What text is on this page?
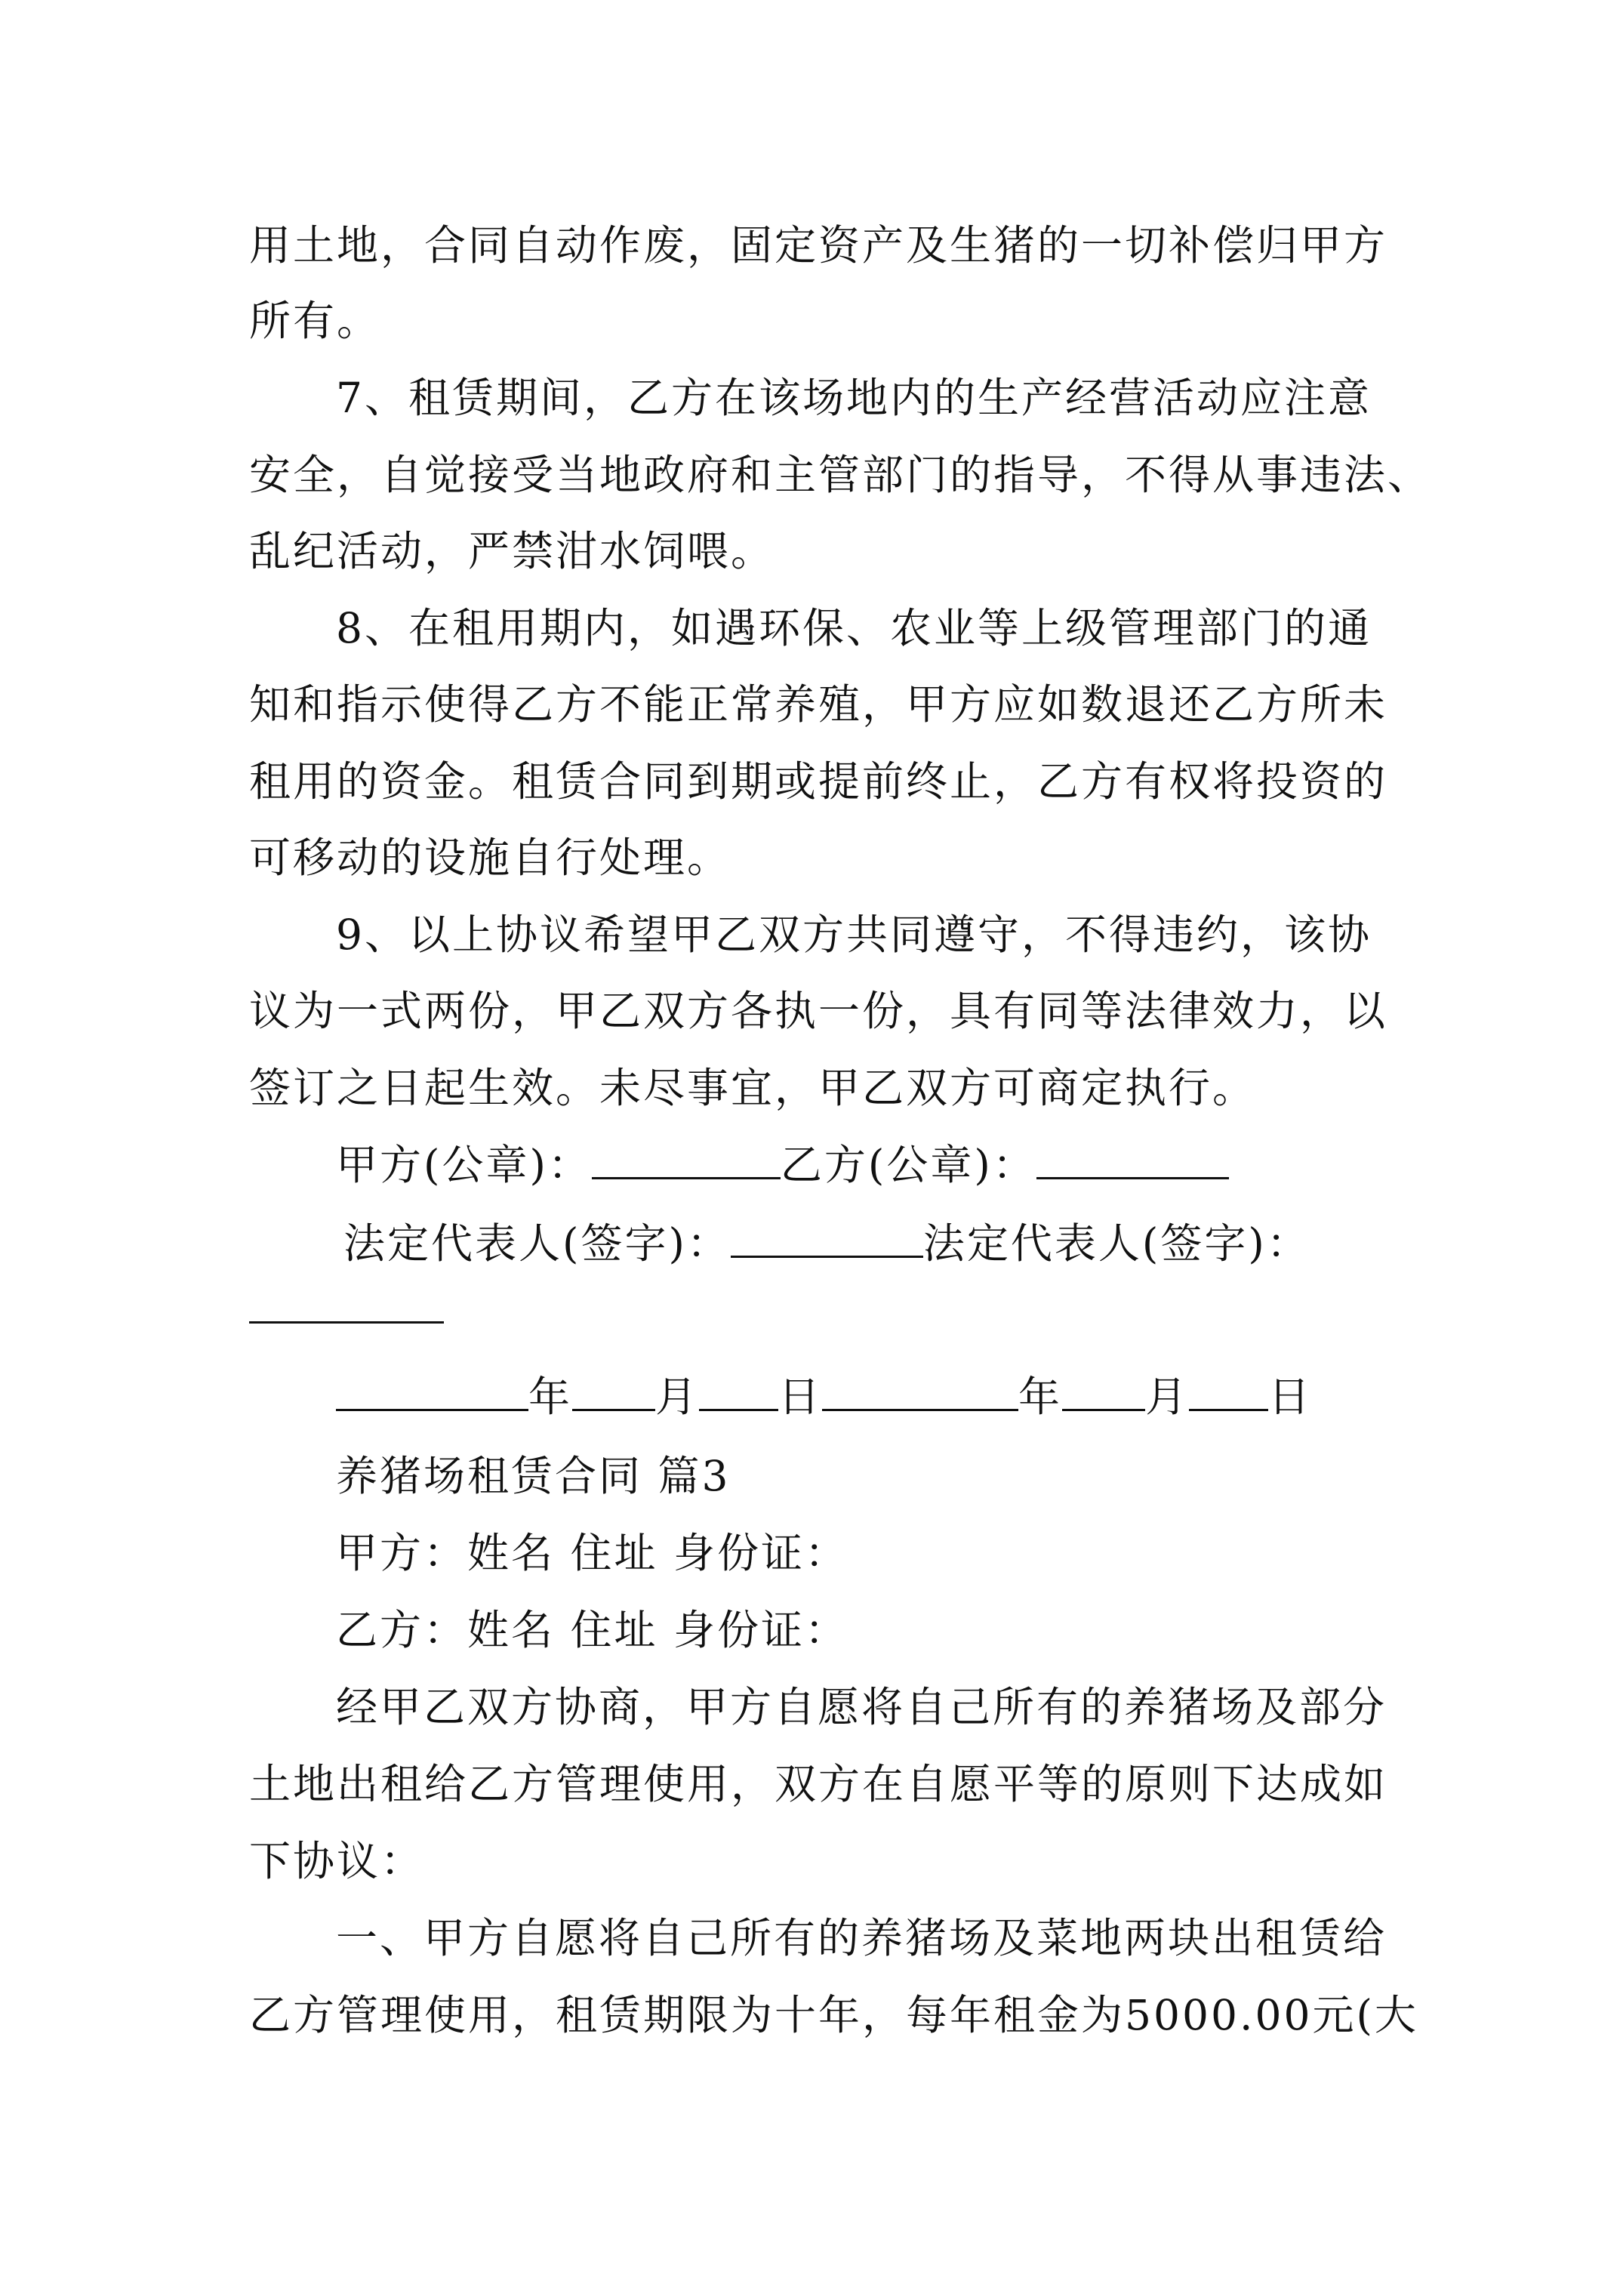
用土地，合同自动作废，固定资产及生猪的一切补偿归甲方
所有。
7、租赁期间，乙方在该场地内的生产经营活动应注意
安全，自觉接受当地政府和主管部门的指导，不得从事违法、
乱纪活动，严禁泔水饲喂。
8、在租用期内，如遇环保、农业等上级管理部门的通
知和指示使得乙方不能正常养殖，甲方应如数退还乙方所未
租用的资金。租赁合同到期或提前终止，乙方有权将投资的
可移动的设施自行处理。
9、以上协议希望甲乙双方共同遵守，不得违约，该协
议为一式两份，甲乙双方各执一份，具有同等法律效力，以
签订之日起生效。未尽事宜，甲乙双方可商定执行。
甲方(公章)：	乙方(公章)：
法定代表人(签字)：	法定代表人(签字)：
年 月 日	年 月 日
养猪场租赁合同 篇3
甲方：姓名 住址 身份证：
乙方：姓名 住址 身份证：
经甲乙双方协商，甲方自愿将自己所有的养猪场及部分
土地出租给乙方管理使用，双方在自愿平等的原则下达成如
下协议：
一、甲方自愿将自己所有的养猪场及菜地两块出租赁给
乙方管理使用，租赁期限为十年，每年租金为5000.00元(大
